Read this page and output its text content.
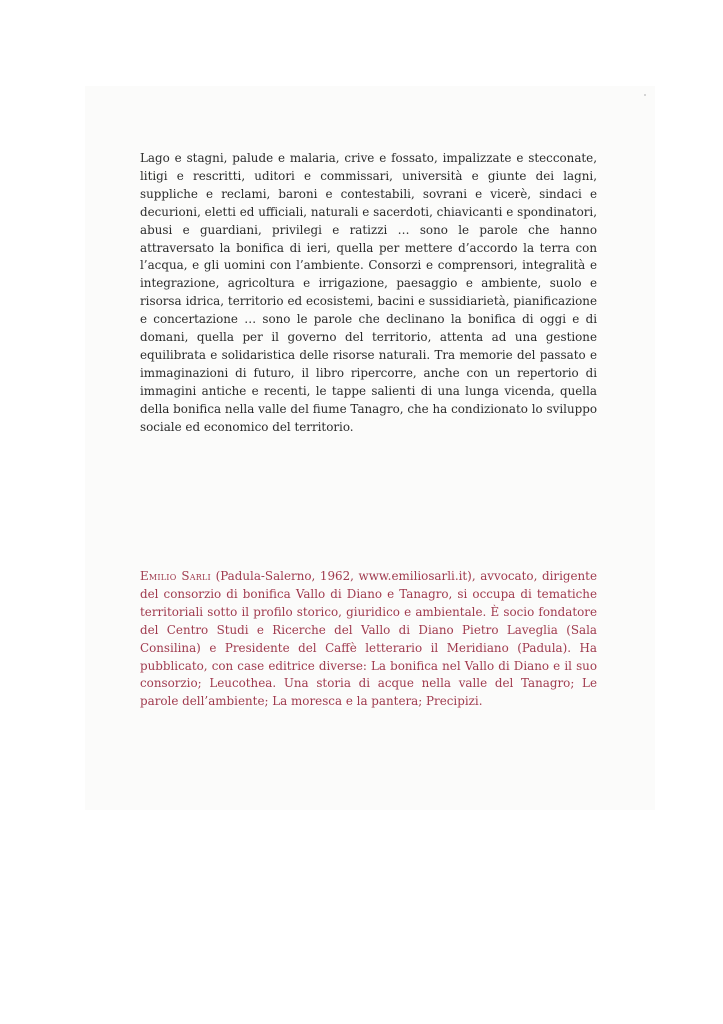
Lago e stagni, palude e malaria, crive e fossato, impalizzate e stecconate, litigi e rescritti, uditori e commissari, università e giunte dei lagni, suppliche e reclami, baroni e contestabili, sovrani e vicerè, sindaci e decurioni, eletti ed ufficiali, naturali e sacerdoti, chiavicanti e spondinatori, abusi e guardiani, privilegi e ratizzi … sono le parole che hanno attraversato la bonifica di ieri, quella per mettere d’accordo la terra con l’acqua, e gli uomini con l’ambiente. Consorzi e comprensori, integralità e integrazione, agricoltura e irrigazione, paesaggio e ambiente, suolo e risorsa idrica, territorio ed ecosistemi, bacini e sussidiarietà, pianificazione e concertazione … sono le parole che declinano la bonifica di oggi e di domani, quella per il governo del territorio, attenta ad una gestione equilibrata e solidaristica delle risorse naturali. Tra memorie del passato e immaginazioni di futuro, il libro ripercorre, anche con un repertorio di immagini antiche e recenti, le tappe salienti di una lunga vicenda, quella della bonifica nella valle del fiume Tanagro, che ha condizionato lo sviluppo sociale ed economico del territorio.

Emilio Sarli (Padula-Salerno, 1962, www.emiliosarli.it), avvocato, dirigente del consorzio di bonifica Vallo di Diano e Tanagro, si occupa di tematiche territoriali sotto il profilo storico, giuridico e ambientale. È socio fondatore del Centro Studi e Ricerche del Vallo di Diano Pietro Laveglia (Sala Consilina) e Presidente del Caffè letterario il Meridiano (Padula). Ha pubblicato, con case editrice diverse: La bonifica nel Vallo di Diano e il suo consorzio; Leucothea. Una storia di acque nella valle del Tanagro; Le parole dell’ambiente; La moresca e la pantera; Precipizi.
